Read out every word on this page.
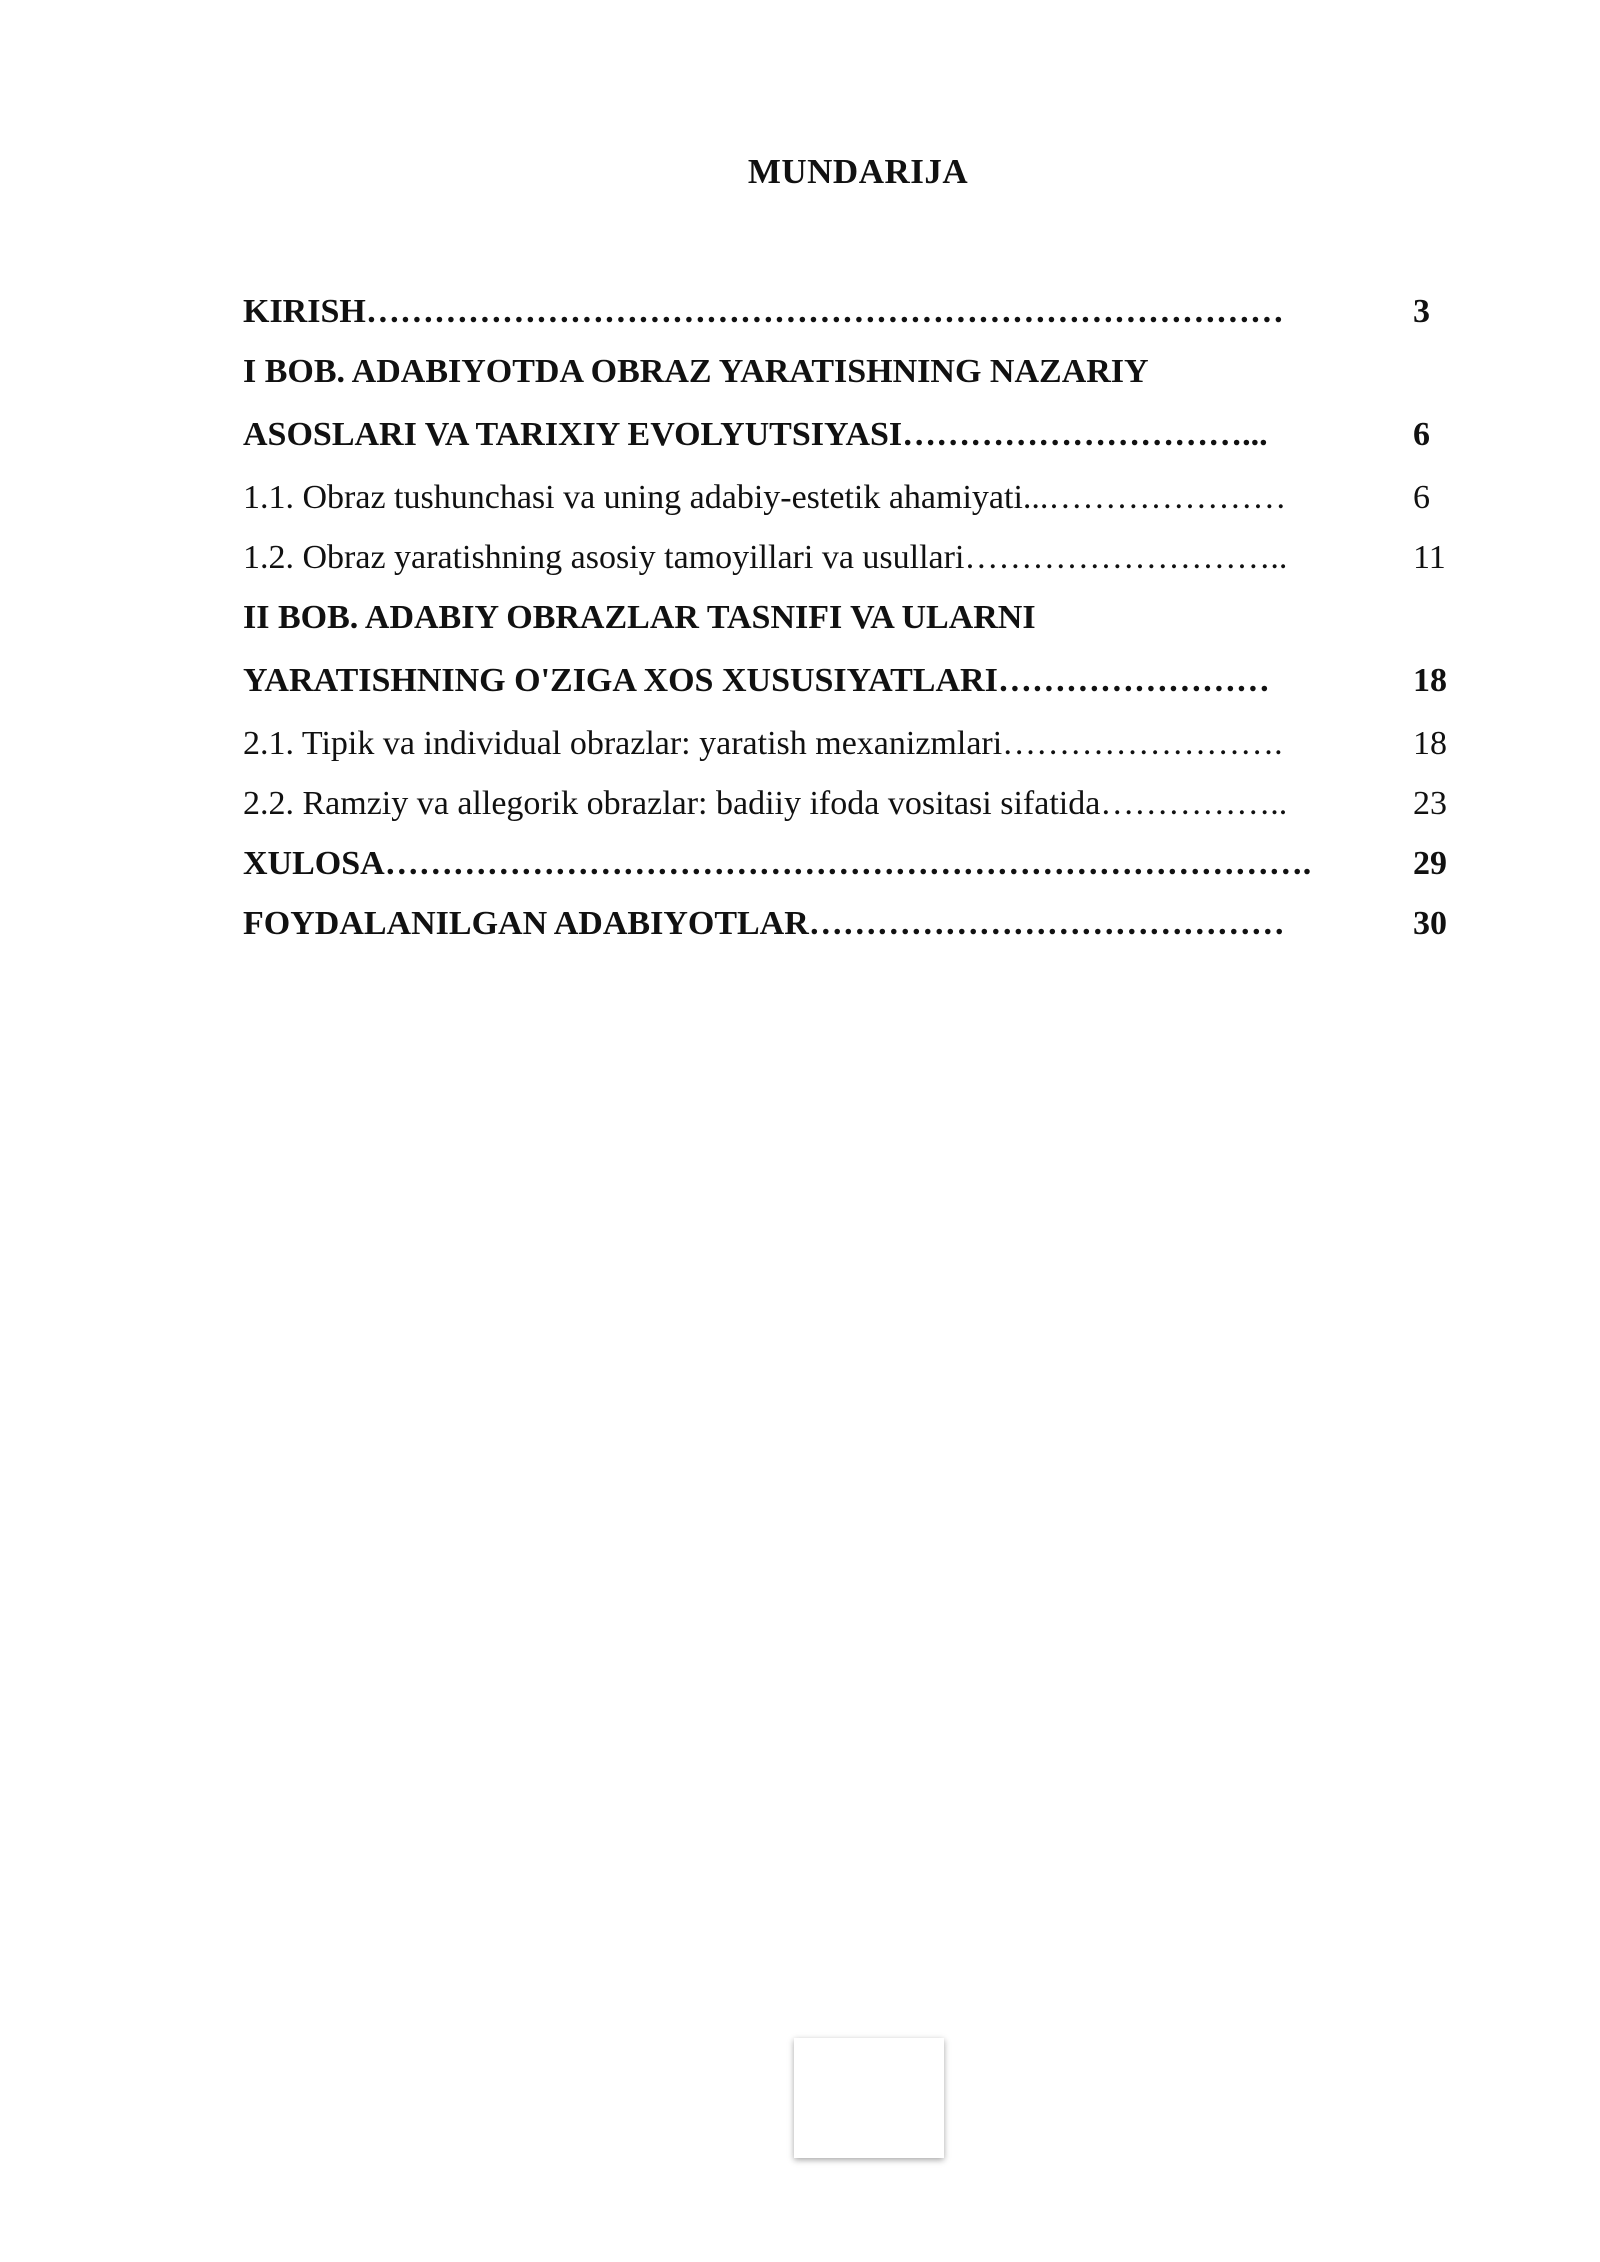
MUNDARIJA
KIRISH………………………………………………………………………	3
I BOB. ADABIYOTDA OBRAZ YARATISHNING NAZARIY
ASOSLARI VA TARIXIY EVOLYUTSIYASI…………………………...	6
1.1. Obraz tushunchasi va uning adabiy-estetik ahamiyati...…………………	6
1.2. Obraz yaratishning asosiy tamoyillari va usullari………………………..	11
II BOB. ADABIY OBRAZLAR TASNIFI VA ULARNI
YARATISHNING O'ZIGA XOS XUSUSIYATLARI……………………	18
2.1. Tipik va individual obrazlar: yaratish mexanizmlari…………………….	18
2.2. Ramziy va allegorik obrazlar: badiiy ifoda vositasi sifatida……………..	23
XULOSA……………………………………………………………………….	29
FOYDALANILGAN ADABIYOTLAR……………………………………	30
